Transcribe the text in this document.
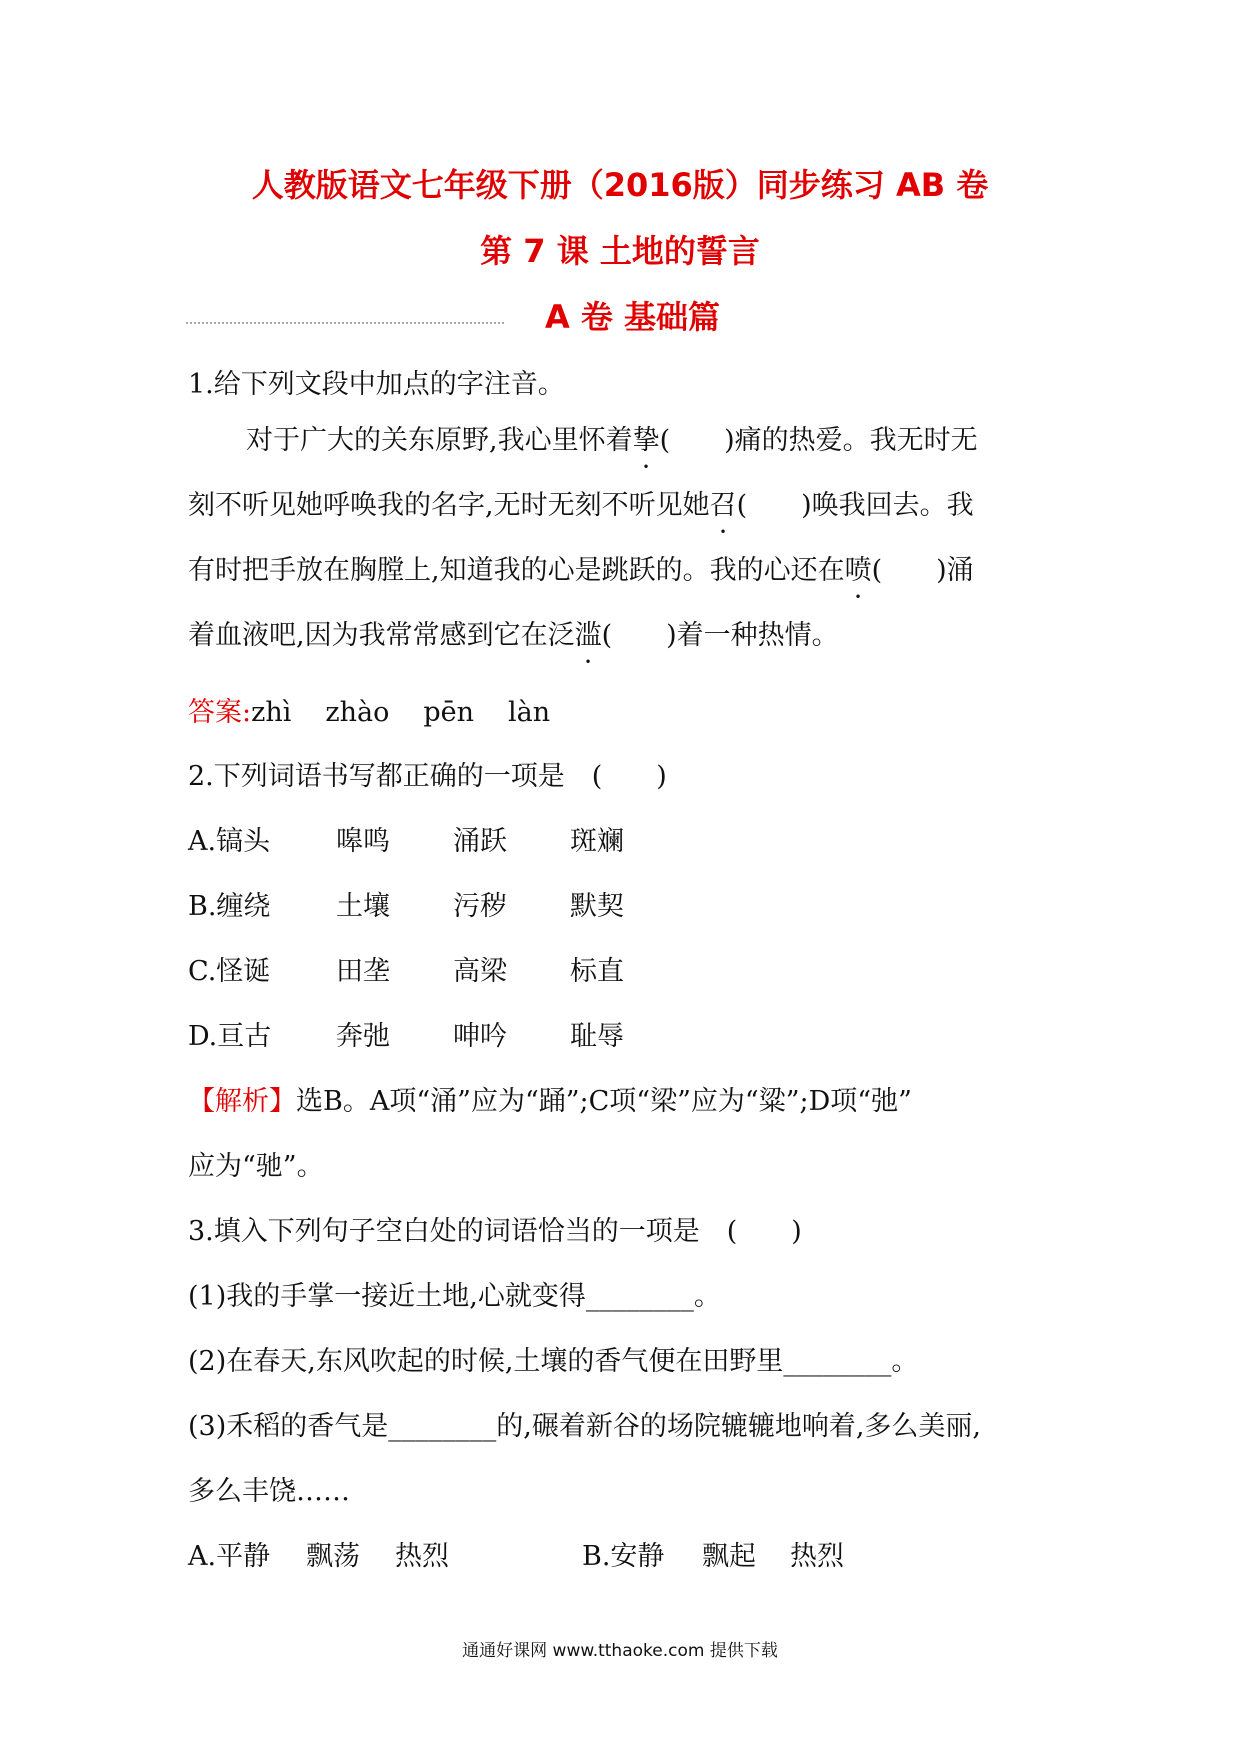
人教版语文七年级下册（2016版）同步练习 AB 卷
第 7 课 土地的誓言
A 卷 基础篇
1.给下列文段中加点的字注音。
对于广大的关东原野,我心里怀着挚(　　)痛的热爱。我无时无
刻不听见她呼唤我的名字,无时无刻不听见她召(　　)唤我回去。我
有时把手放在胸膛上,知道我的心是跳跃的。我的心还在喷(　　)涌
着血液吧,因为我常常感到它在泛滥(　　)着一种热情。
答案:zhì zhào pēn làn
2.下列词语书写都正确的一项是　(　　)
A.镐头 嗥鸣 涌跃 斑斓
B.缠绕 土壤 污秽 默契
C.怪诞 田垄 高梁 标直
D.亘古 奔弛 呻吟 耻辱
【解析】选B。A项“涌”应为“踊”;C项“梁”应为“粱”;D项“弛”
应为“驰”。
3.填入下列句子空白处的词语恰当的一项是　(　　)
(1)我的手掌一接近土地,心就变得________。
(2)在春天,东风吹起的时候,土壤的香气便在田野里________。
(3)禾稻的香气是________的,碾着新谷的场院辘辘地响着,多么美丽,
多么丰饶……
A.平静 飘荡 热烈	B.安静 飘起 热烈
通通好课网 www.tthaoke.com 提供下载
